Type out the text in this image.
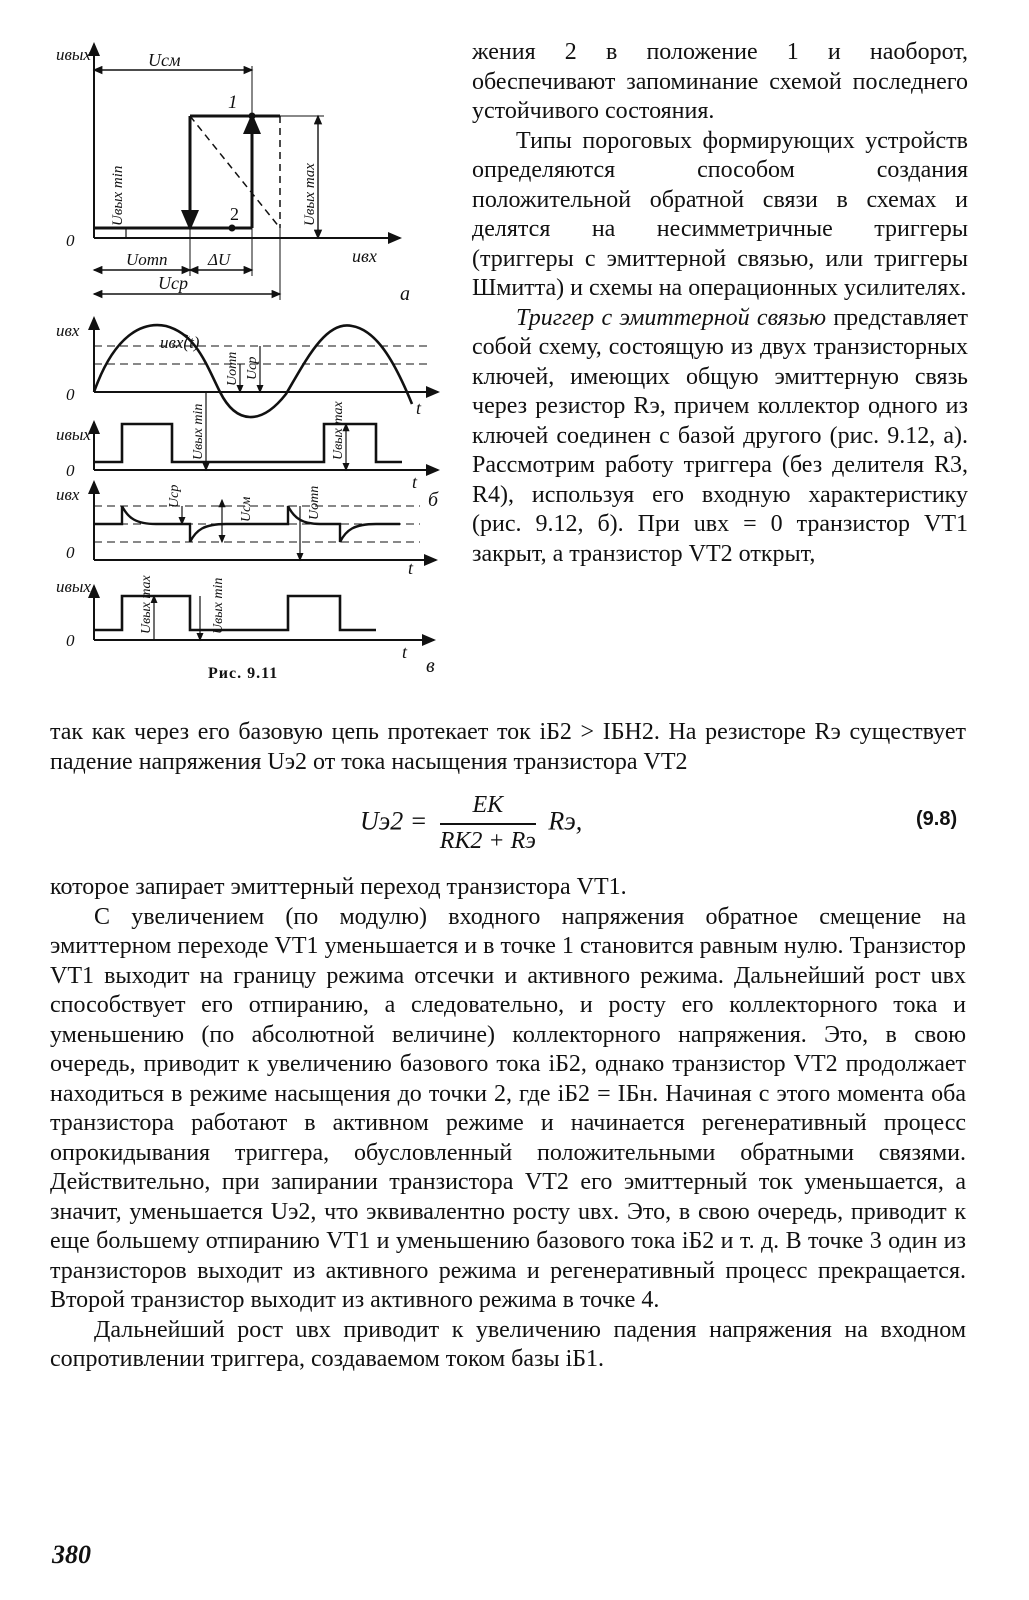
uвых	Uсм
1
2
Uвых min	Uвых max
0
Uотп ΔU	uвх
Uср	а
uвх
uвх(t)
Uотп Uср
0
t
uвых	Uвых min	Uвых max
0
t
б
uвх	Uср
Uсм	Uотп
0
t
uвых	Uвых max	Uвых min
0
t
в
Рис. 9.11

жения 2 в положение 1 и наоборот, обеспечивают запоминание схемой последнего устойчивого состояния.

Типы пороговых формирующих устройств определяются способом создания положительной обратной связи в схемах и делятся на несимметричные триггеры (триггеры с эмиттерной связью, или триггеры Шмитта) и схемы на операционных усилителях.

Триггер с эмиттерной связью представляет собой схему, состоящую из двух транзисторных ключей, имеющих общую эмиттерную связь через резистор Rэ, причем коллектор одного из ключей соединен с базой другого (рис. 9.12, а). Рассмотрим работу триггера (без делителя R3, R4), используя его входную характеристику (рис. 9.12, б). При uвх = 0 транзистор VT1 закрыт, а транзистор VT2 открыт,

так как через его базовую цепь протекает ток iБ2 > IБН2. На резисторе Rэ существует падение напряжения Uэ2 от тока насыщения транзистора VT2

$Uэ2 = \frac{EК}{RК2 + Rэ}$ Rэ,	(9.8)

которое запирает эмиттерный переход транзистора VT1.

С увеличением (по модулю) входного напряжения обратное смещение на эмиттерном переходе VT1 уменьшается и в точке 1 становится равным нулю. Транзистор VT1 выходит на границу режима отсечки и активного режима. Дальнейший рост uвх способствует его отпиранию, а следовательно, и росту его коллекторного тока и уменьшению (по абсолютной величине) коллекторного напряжения. Это, в свою очередь, приводит к увеличению базового тока iБ2, однако транзистор VT2 продолжает находиться в режиме насыщения до точки 2, где iБ2 = IБн. Начиная с этого момента оба транзистора работают в активном режиме и начинается регенеративный процесс опрокидывания триггера, обусловленный положительными обратными связями. Действительно, при запирании транзистора VT2 его эмиттерный ток уменьшается, а значит, уменьшается Uэ2, что эквивалентно росту uвх. Это, в свою очередь, приводит к еще большему отпиранию VT1 и уменьшению базового тока iБ2 и т. д. В точке 3 один из транзисторов выходит из активного режима и регенеративный процесс прекращается. Второй транзистор выходит из активного режима в точке 4.

Дальнейший рост uвх приводит к увеличению падения напряжения на входном сопротивлении триггера, создаваемом током базы iБ1.

380
